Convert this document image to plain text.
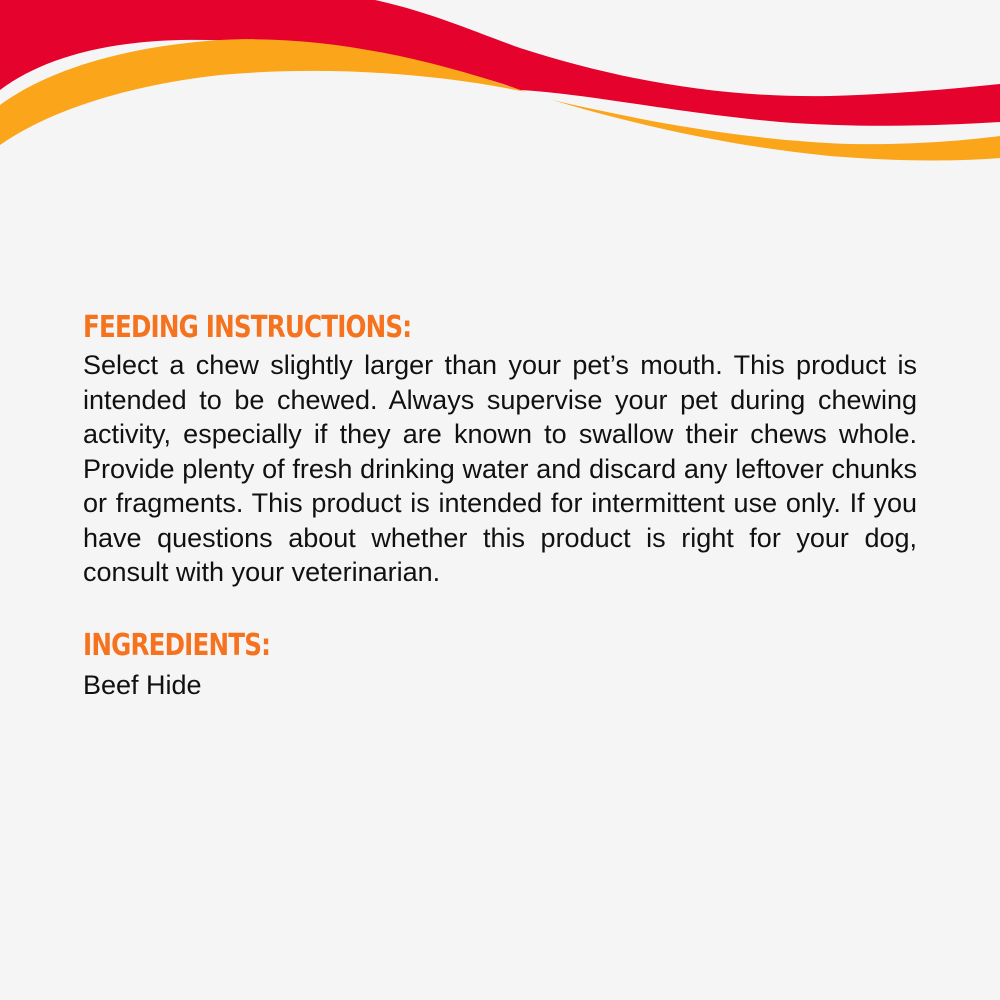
FEEDING INSTRUCTIONS:

Select a chew slightly larger than your pet’s mouth. This product is intended to be chewed. Always supervise your pet during chewing activity, especially if they are known to swallow their chews whole. Provide plenty of fresh drinking water and discard any leftover chunks or fragments. This product is intended for intermittent use only. If you have questions about whether this product is right for your dog, consult with your veterinarian.

INGREDIENTS:

Beef Hide
